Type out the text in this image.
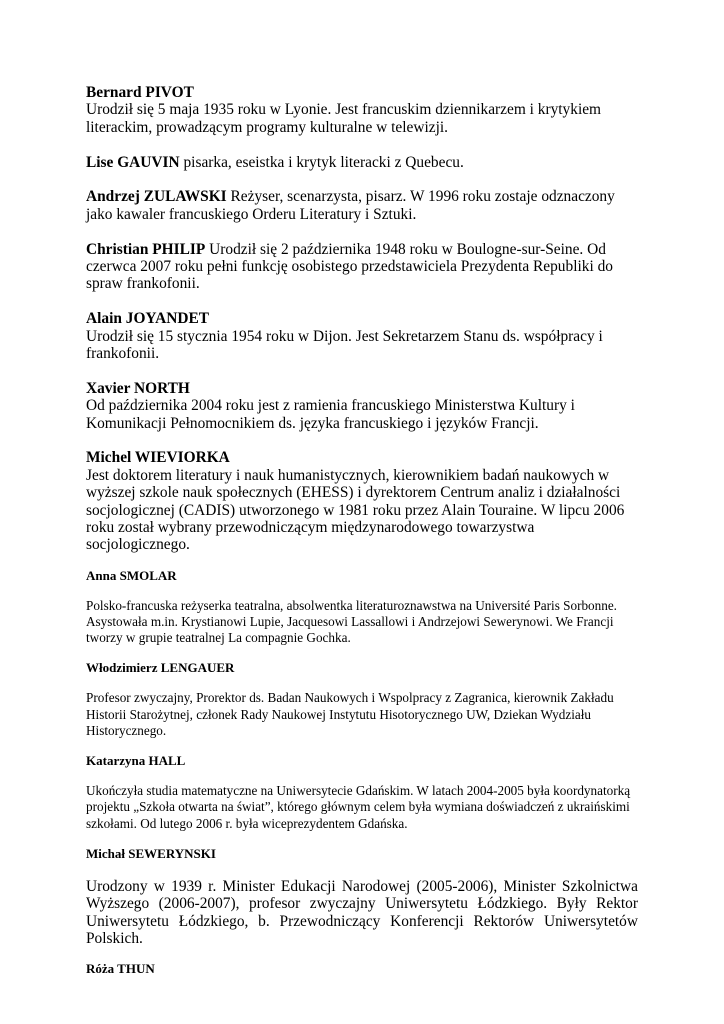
Bernard PIVOT
Urodził się 5 maja 1935 roku w Lyonie. Jest francuskim dziennikarzem i krytykiem literackim, prowadzącym programy kulturalne w telewizji.
Lise GAUVIN pisarka, eseistka i krytyk literacki z Quebecu.
Andrzej ZULAWSKI Reżyser, scenarzysta, pisarz. W 1996 roku zostaje odznaczony jako kawaler francuskiego Orderu Literatury i Sztuki.
Christian PHILIP Urodził się 2 października 1948 roku w Boulogne-sur-Seine. Od czerwca 2007 roku pełni funkcję osobistego przedstawiciela Prezydenta Republiki do spraw frankofonii.
Alain JOYANDET
Urodził się 15 stycznia 1954 roku w Dijon. Jest Sekretarzem Stanu ds. współpracy i frankofonii.
Xavier NORTH
Od października 2004 roku jest z ramienia francuskiego Ministerstwa Kultury i Komunikacji Pełnomocnikiem ds. języka francuskiego i języków Francji.
Michel WIEVIORKA
Jest doktorem literatury i nauk humanistycznych, kierownikiem badań naukowych w wyższej szkole nauk społecznych (EHESS) i dyrektorem Centrum analiz i działalności socjologicznej (CADIS) utworzonego w 1981 roku przez Alain Touraine. W lipcu 2006 roku został wybrany przewodniczącym międzynarodowego towarzystwa socjologicznego.
Anna SMOLAR
Polsko-francuska reżyserka teatralna, absolwentka literaturoznawstwa na Université Paris Sorbonne. Asystowała m.in. Krystianowi Lupie, Jacquesowi Lassallowi i Andrzejowi Sewerynowi. We Francji tworzy w grupie teatralnej La compagnie Gochka.
Włodzimierz LENGAUER
Profesor zwyczajny, Prorektor ds. Badan Naukowych i Wspolpracy z Zagranica, kierownik Zakładu Historii Starożytnej, członek Rady Naukowej Instytutu Hisotorycznego UW, Dziekan Wydziału Historycznego.
Katarzyna HALL
Ukończyła studia matematyczne na Uniwersytecie Gdańskim. W latach 2004-2005 była koordynatorką projektu „Szkoła otwarta na świat”, którego głównym celem była wymiana doświadczeń z ukraińskimi szkołami. Od lutego 2006 r. była wiceprezydentem Gdańska.
Michał SEWERYNSKI
Urodzony w 1939 r. Minister Edukacji Narodowej (2005-2006), Minister Szkolnictwa Wyższego (2006-2007), profesor zwyczajny Uniwersytetu Łódzkiego. Były Rektor Uniwersytetu Łódzkiego, b. Przewodniczący Konferencji Rektorów Uniwersytetów Polskich.
Róża THUN
